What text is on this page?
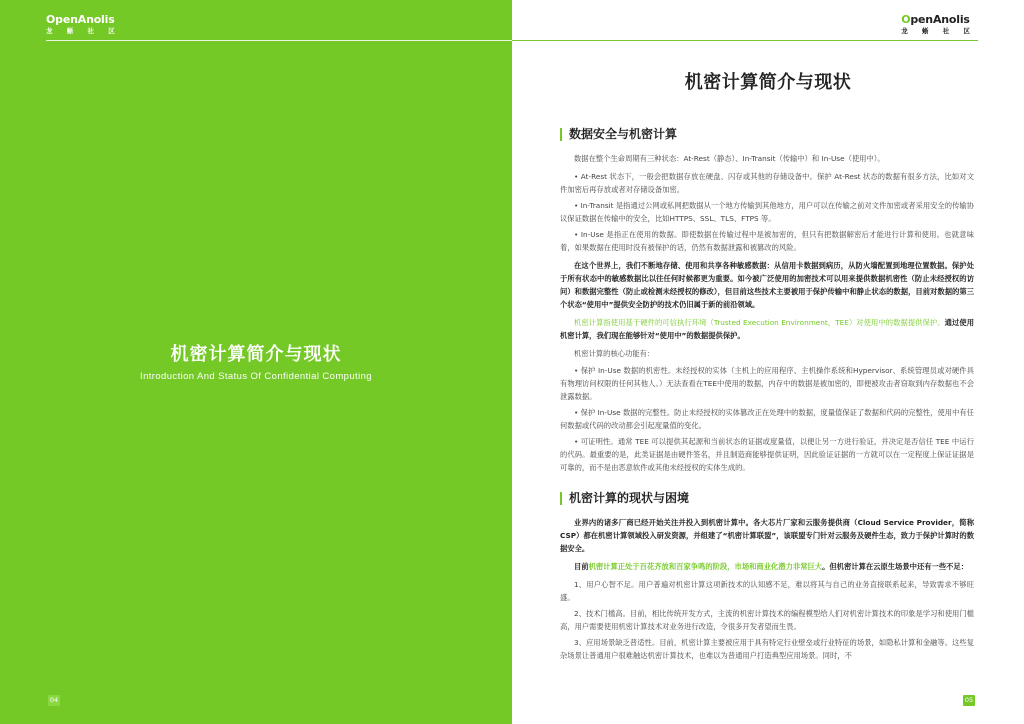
OpenAnolis
龙 蜥 社 区
机密计算简介与现状
Introduction And Status Of Confidential Computing
04
OpenAnolis
龙 蜥 社 区
机密计算简介与现状
数据安全与机密计算

数据在整个生命周期有三种状态：At-Rest（静态）、In-Transit（传输中）和 In-Use（使用中）。

• At-Rest 状态下，一般会把数据存放在硬盘、闪存或其他的存储设备中。保护 At-Rest 状态的数据有很多方法，比如对文件加密后再存放或者对存储设备加密。

• In-Transit 是指通过公网或私网把数据从一个地方传输到其他地方，用户可以在传输之前对文件加密或者采用安全的传输协议保证数据在传输中的安全，比如HTTPS、SSL、TLS、FTPS 等。

• In-Use 是指正在使用的数据。即使数据在传输过程中是被加密的，但只有把数据解密后才能进行计算和使用。也就意味着，如果数据在使用时没有被保护的话，仍然有数据泄露和被篡改的风险。

在这个世界上，我们不断地存储、使用和共享各种敏感数据：从信用卡数据到病历，从防火墙配置到地理位置数据。保护处于所有状态中的敏感数据比以往任何时候都更为重要。如今被广泛使用的加密技术可以用来提供数据机密性（防止未经授权的访问）和数据完整性（防止或检测未经授权的修改），但目前这些技术主要被用于保护传输中和静止状态的数据，目前对数据的第三个状态“使用中”提供安全防护的技术仍旧属于新的前沿领域。

机密计算指使用基于硬件的可信执行环境（Trusted Execution Environment，TEE）对使用中的数据提供保护。通过使用机密计算，我们现在能够针对“使用中”的数据提供保护。

机密计算的核心功能有：

• 保护 In-Use 数据的机密性。未经授权的实体（主机上的应用程序、主机操作系统和Hypervisor、系统管理员或对硬件具有物理访问权限的任何其他人。）无法查看在TEE中使用的数据，内存中的数据是被加密的，即便被攻击者窃取到内存数据也不会泄露数据。

• 保护 In-Use 数据的完整性。防止未经授权的实体篡改正在处理中的数据，度量值保证了数据和代码的完整性，使用中有任何数据或代码的改动都会引起度量值的变化。

• 可证明性。通常 TEE 可以提供其起源和当前状态的证据或度量值，以便让另一方进行验证，并决定是否信任 TEE 中运行的代码。最重要的是，此类证据是由硬件签名，并且制造商能够提供证明，因此验证证据的一方就可以在一定程度上保证证据是可靠的，而不是由恶意软件或其他未经授权的实体生成的。

机密计算的现状与困境

业界内的诸多厂商已经开始关注并投入到机密计算中。各大芯片厂家和云服务提供商（Cloud Service Provider，简称 CSP）都在机密计算领域投入研发资源，并组建了“机密计算联盟”，该联盟专门针对云服务及硬件生态，致力于保护计算时的数据安全。

目前机密计算正处于百花齐放和百家争鸣的阶段，市场和商业化潜力非常巨大。但机密计算在云原生场景中还有一些不足：

1、用户心智不足。用户普遍对机密计算这项新技术的认知感不足，难以将其与自己的业务直接联系起来，导致需求不够旺盛。

2、技术门槛高。目前，相比传统开发方式，主流的机密计算技术的编程模型给人们对机密计算技术的印象是学习和使用门槛高，用户需要使用机密计算技术对业务进行改造，令很多开发者望而生畏。

3、应用场景缺乏普适性。目前，机密计算主要被应用于具有特定行业壁垒或行业特征的场景，如隐私计算和金融等。这些复杂场景让普通用户很难触达机密计算技术，也难以为普通用户打造典型应用场景。同时，不

05
